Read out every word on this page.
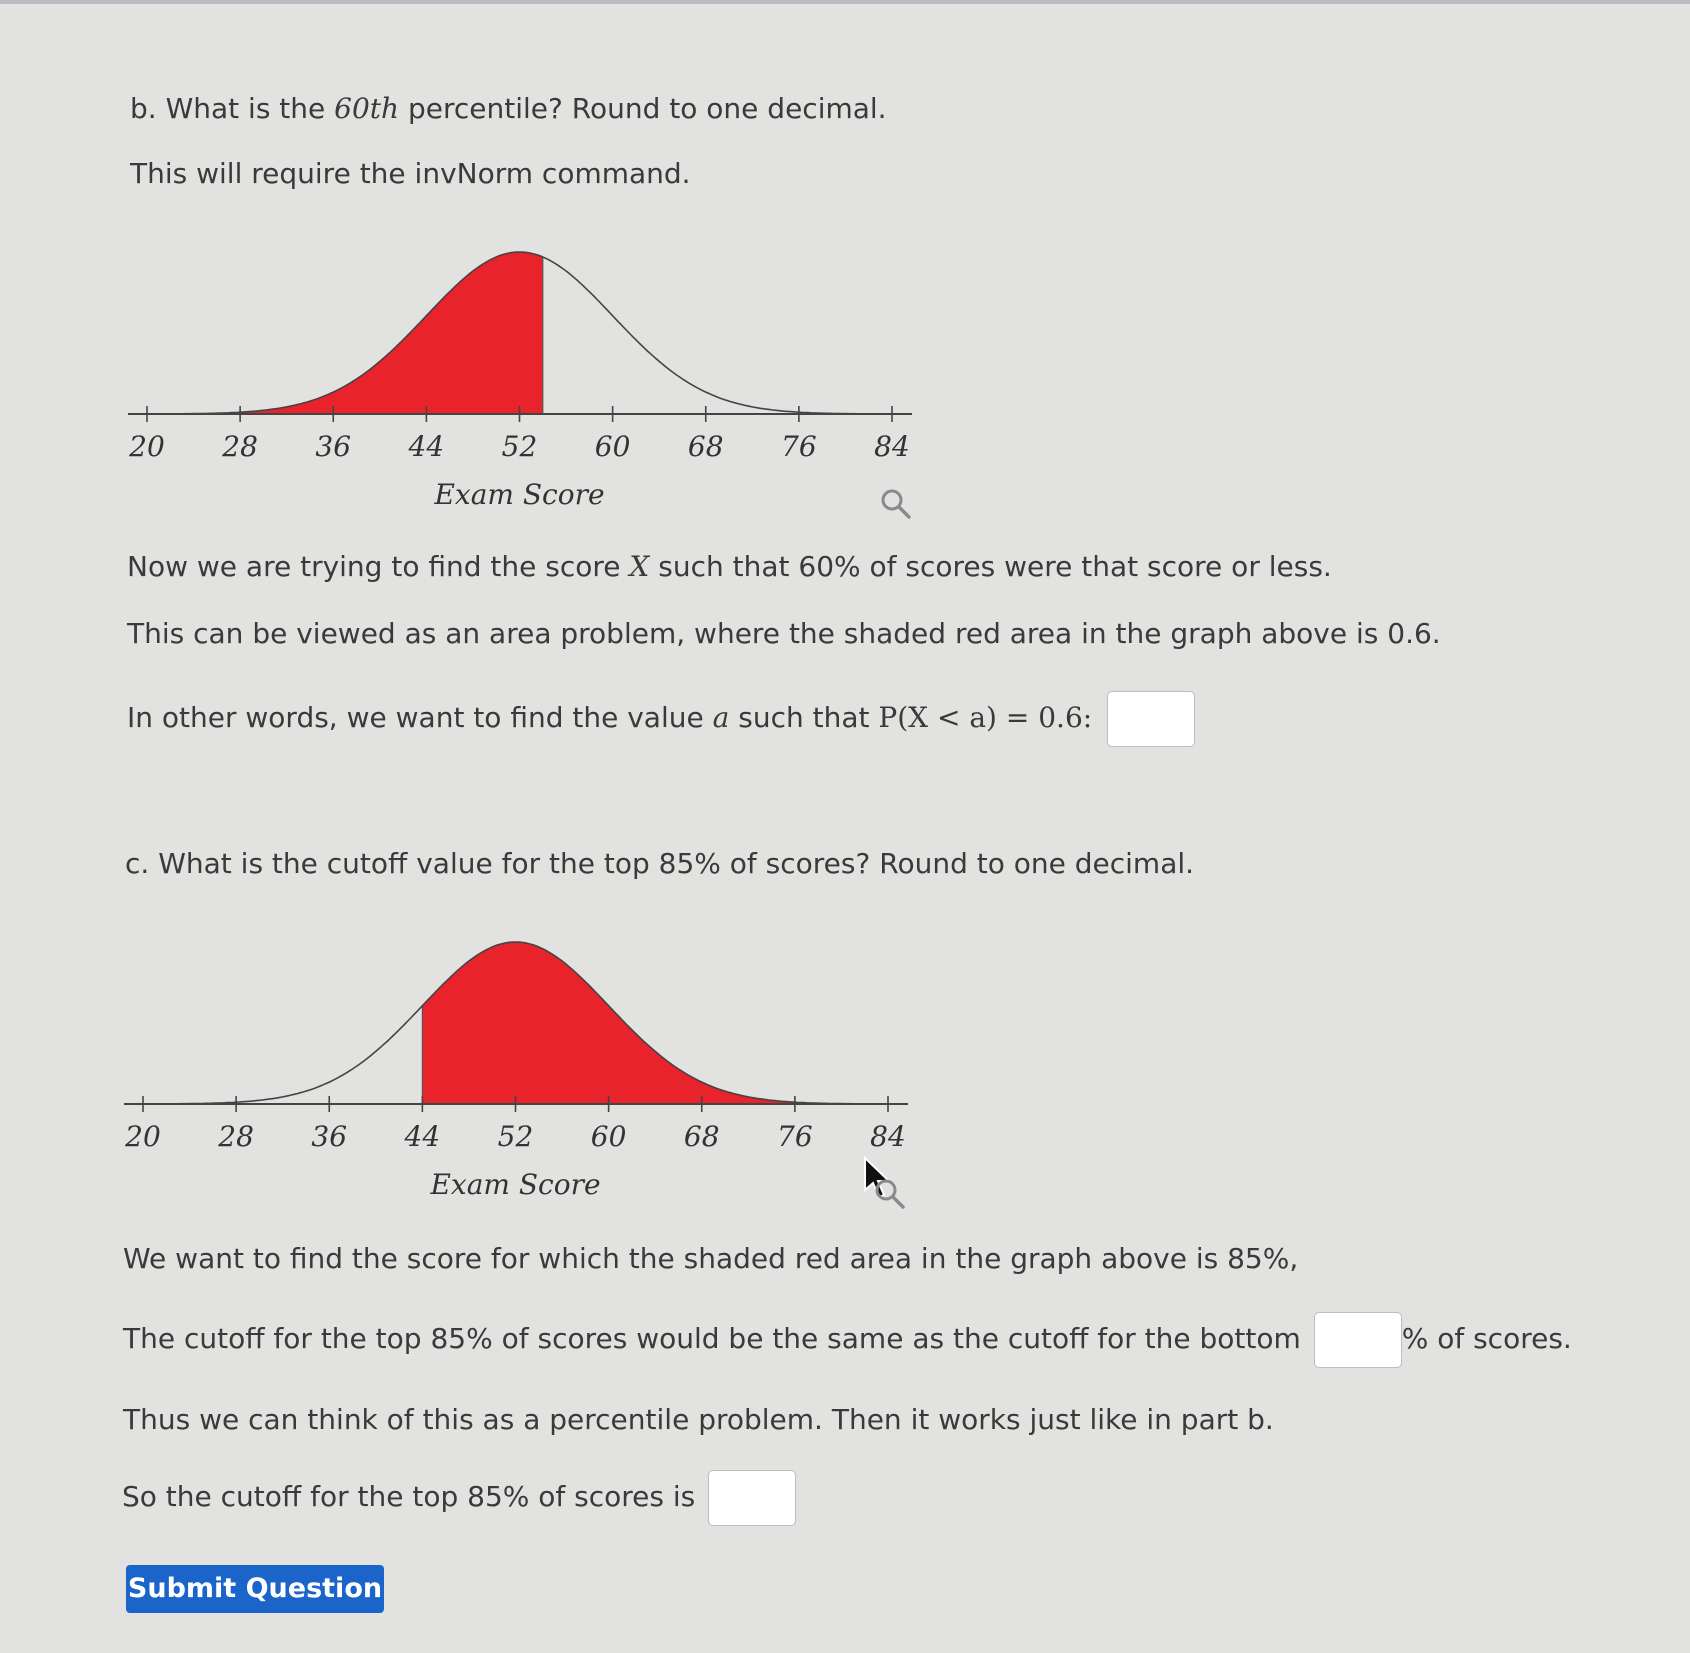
b. What is the 60th percentile? Round to one decimal.

This will require the invNorm command.

20 28 36 44 52 60 68 76 84
Exam Score

Now we are trying to find the score X such that 60% of scores were that score or less.

This can be viewed as an area problem, where the shaded red area in the graph above is 0.6.

In other words, we want to find the value a such that P(X < a) = 0.6:

c. What is the cutoff value for the top 85% of scores? Round to one decimal.

20 28 36 44 52 60 68 76 84
Exam Score

We want to find the score for which the shaded red area in the graph above is 85%,

The cutoff for the top 85% of scores would be the same as the cutoff for the bottom	% of scores.

Thus we can think of this as a percentile problem. Then it works just like in part b.

So the cutoff for the top 85% of scores is
Submit Question
